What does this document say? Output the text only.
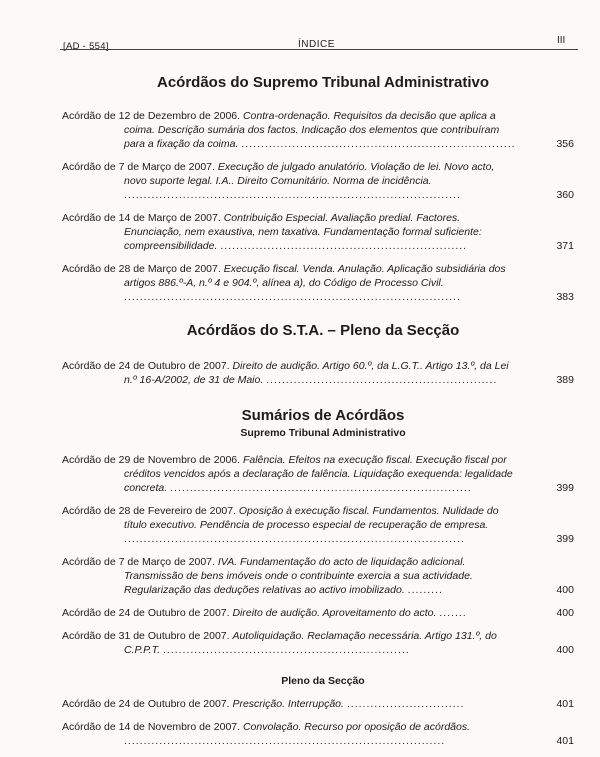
[AD - 554]	ÍNDICE	III
Acórdãos do Supremo Tribunal Administrativo
Acórdão de 12 de Dezembro de 2006. Contra-ordenação. Requisitos da decisão que aplica a coima. Descrição sumária dos factos. Indicação dos elementos que contribuíram para a fixação da coima. ......................................................................	356
Acórdão de 7 de Março de 2007. Execução de julgado anulatório. Violação de lei. Novo acto, novo suporte legal. I.A.. Direito Comunitário. Norma de incidência. ......................................................................................	360
Acórdão de 14 de Março de 2007. Contribuição Especial. Avaliação predial. Factores. Enunciação, nem exaustiva, nem taxativa. Fundamentação formal suficiente: compreensibilidade. ...............................................................	371
Acórdão de 28 de Março de 2007. Execução fiscal. Venda. Anulação. Aplicação subsidiária dos artigos 886.º-A, n.º 4 e 904.º, alínea a), do Código de Processo Civil. ......................................................................................	383
Acórdãos do S.T.A. – Pleno da Secção
Acórdão de 24 de Outubro de 2007. Direito de audição. Artigo 60.º, da L.G.T.. Artigo 13.º, da Lei n.º 16-A/2002, de 31 de Maio. ...........................................................	389
Sumários de Acórdãos
Supremo Tribunal Administrativo
Acórdão de 29 de Novembro de 2006. Falência. Efeitos na execução fiscal. Execução fiscal por créditos vencidos após a declaração de falência. Liquidação exequenda: legalidade concreta. .............................................................................	399
Acórdão de 28 de Fevereiro de 2007. Oposição à execução fiscal. Fundamentos. Nulidade do título executivo. Pendência de processo especial de recuperação de empresa. .......................................................................................	399
Acórdão de 7 de Março de 2007. IVA. Fundamentação do acto de liquidação adicional. Transmissão de bens imóveis onde o contribuinte exercia a sua actividade. Regularização das deduções relativas ao activo imobilizado. .........	400
Acórdão de 24 de Outubro de 2007. Direito de audição. Aproveitamento do acto. .......	400
Acórdão de 31 de Outubro de 2007. Autoliquidação. Reclamação necessária. Artigo 131.º, do C.P.P.T. ...............................................................	400
Pleno da Secção
Acórdão de 24 de Outubro de 2007. Prescrição. Interrupção. ..............................	401
Acórdão de 14 de Novembro de 2007. Convolação. Recurso por oposição de acórdãos. ..................................................................................	401
